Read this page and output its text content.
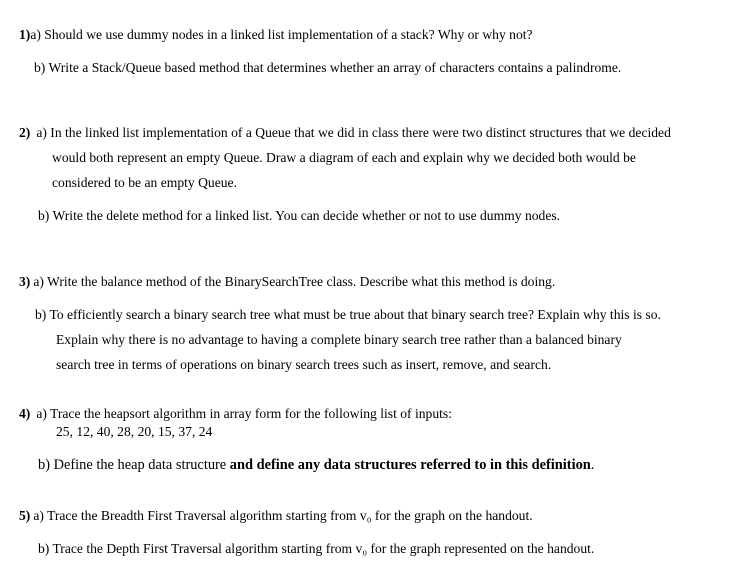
1)a) Should we use dummy nodes in a linked list implementation of a stack? Why or why not?
b) Write a Stack/Queue based method that determines whether an array of characters contains a palindrome.
2) a) In the linked list implementation of a Queue that we did in class there were two distinct structures that we decided
would both represent an empty Queue. Draw a diagram of each and explain why we decided both would be
considered to be an empty Queue.
b) Write the delete method for a linked list. You can decide whether or not to use dummy nodes.
3) a) Write the balance method of the BinarySearchTree class. Describe what this method is doing.
b) To efficiently search a binary search tree what must be true about that binary search tree? Explain why this is so.
Explain why there is no advantage to having a complete binary search tree rather than a balanced binary
search tree in terms of operations on binary search trees such as insert, remove, and search.
4) a) Trace the heapsort algorithm in array form for the following list of inputs:
25, 12, 40, 28, 20, 15, 37, 24
b) Define the heap data structure and define any data structures referred to in this definition.
5) a) Trace the Breadth First Traversal algorithm starting from v₀ for the graph on the handout.
b) Trace the Depth First Traversal algorithm starting from v₀ for the graph represented on the handout.
